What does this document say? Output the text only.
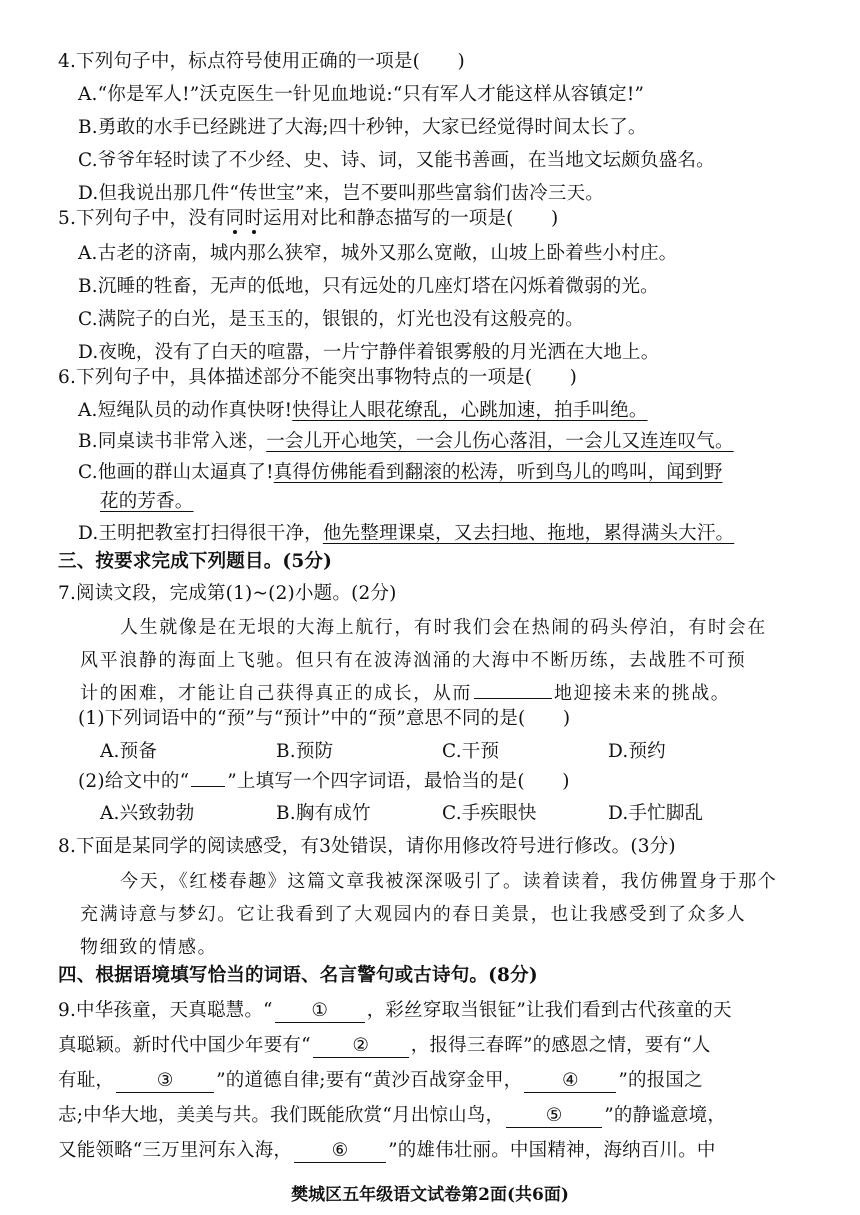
4.下列句子中，标点符号使用正确的一项是(　　)
A.“你是军人!”沃克医生一针见血地说:“只有军人才能这样从容镇定!”
B.勇敢的水手已经跳进了大海;四十秒钟，大家已经觉得时间太长了。
C.爷爷年轻时读了不少经、史、诗、词，又能书善画，在当地文坛颇负盛名。
D.但我说出那几件“传世宝”来，岂不要叫那些富翁们齿冷三天。
5.下列句子中，没有同时运用对比和静态描写的一项是(　　)
A.古老的济南，城内那么狭窄，城外又那么宽敞，山坡上卧着些小村庄。
B.沉睡的牲畜，无声的低地，只有远处的几座灯塔在闪烁着微弱的光。
C.满院子的白光，是玉玉的，银银的，灯光也没有这般亮的。
D.夜晚，没有了白天的喧嚣，一片宁静伴着银雾般的月光洒在大地上。
6.下列句子中，具体描述部分不能突出事物特点的一项是(　　)
A.短绳队员的动作真快呀!快得让人眼花缭乱，心跳加速，拍手叫绝。
B.同桌读书非常入迷，一会儿开心地笑，一会儿伤心落泪，一会儿又连连叹气。
C.他画的群山太逼真了!真得仿佛能看到翻滚的松涛，听到鸟儿的鸣叫，闻到野
花的芳香。
D.王明把教室打扫得很干净，他先整理课桌，又去扫地、拖地，累得满头大汗。
三、按要求完成下列题目。(5分)
7.阅读文段，完成第(1)~(2)小题。(2分)
人生就像是在无垠的大海上航行，有时我们会在热闹的码头停泊，有时会在
风平浪静的海面上飞驰。但只有在波涛汹涌的大海中不断历练，去战胜不可预
计的困难，才能让自己获得真正的成长，从而	地迎接未来的挑战。
(1)下列词语中的“预”与“预计”中的“预”意思不同的是(　　)
A.预备	B.预防	C.干预	D.预约
(2)给文中的“ ”上填写一个四字词语，最恰当的是(　　)
A.兴致勃勃	B.胸有成竹	C.手疾眼快	D.手忙脚乱
8.下面是某同学的阅读感受，有3处错误，请你用修改符号进行修改。(3分)
今天，《红楼春趣》这篇文章我被深深吸引了。读着读着，我仿佛置身于那个
充满诗意与梦幻。它让我看到了大观园内的春日美景，也让我感受到了众多人
物细致的情感。
四、根据语境填写恰当的词语、名言警句或古诗句。(8分)
9.中华孩童，天真聪慧。“ ① ，彩丝穿取当银钲”让我们看到古代孩童的天
真聪颖。新时代中国少年要有“ ② ，报得三春晖”的感恩之情，要有“人
有耻， ③ ”的道德自律;要有“黄沙百战穿金甲， ④ ”的报国之
志;中华大地，美美与共。我们既能欣赏“月出惊山鸟， ⑤ ”的静谧意境，
又能领略“三万里河东入海， ⑥ ”的雄伟壮丽。中国精神，海纳百川。中
樊城区五年级语文试卷第2面(共6面)
